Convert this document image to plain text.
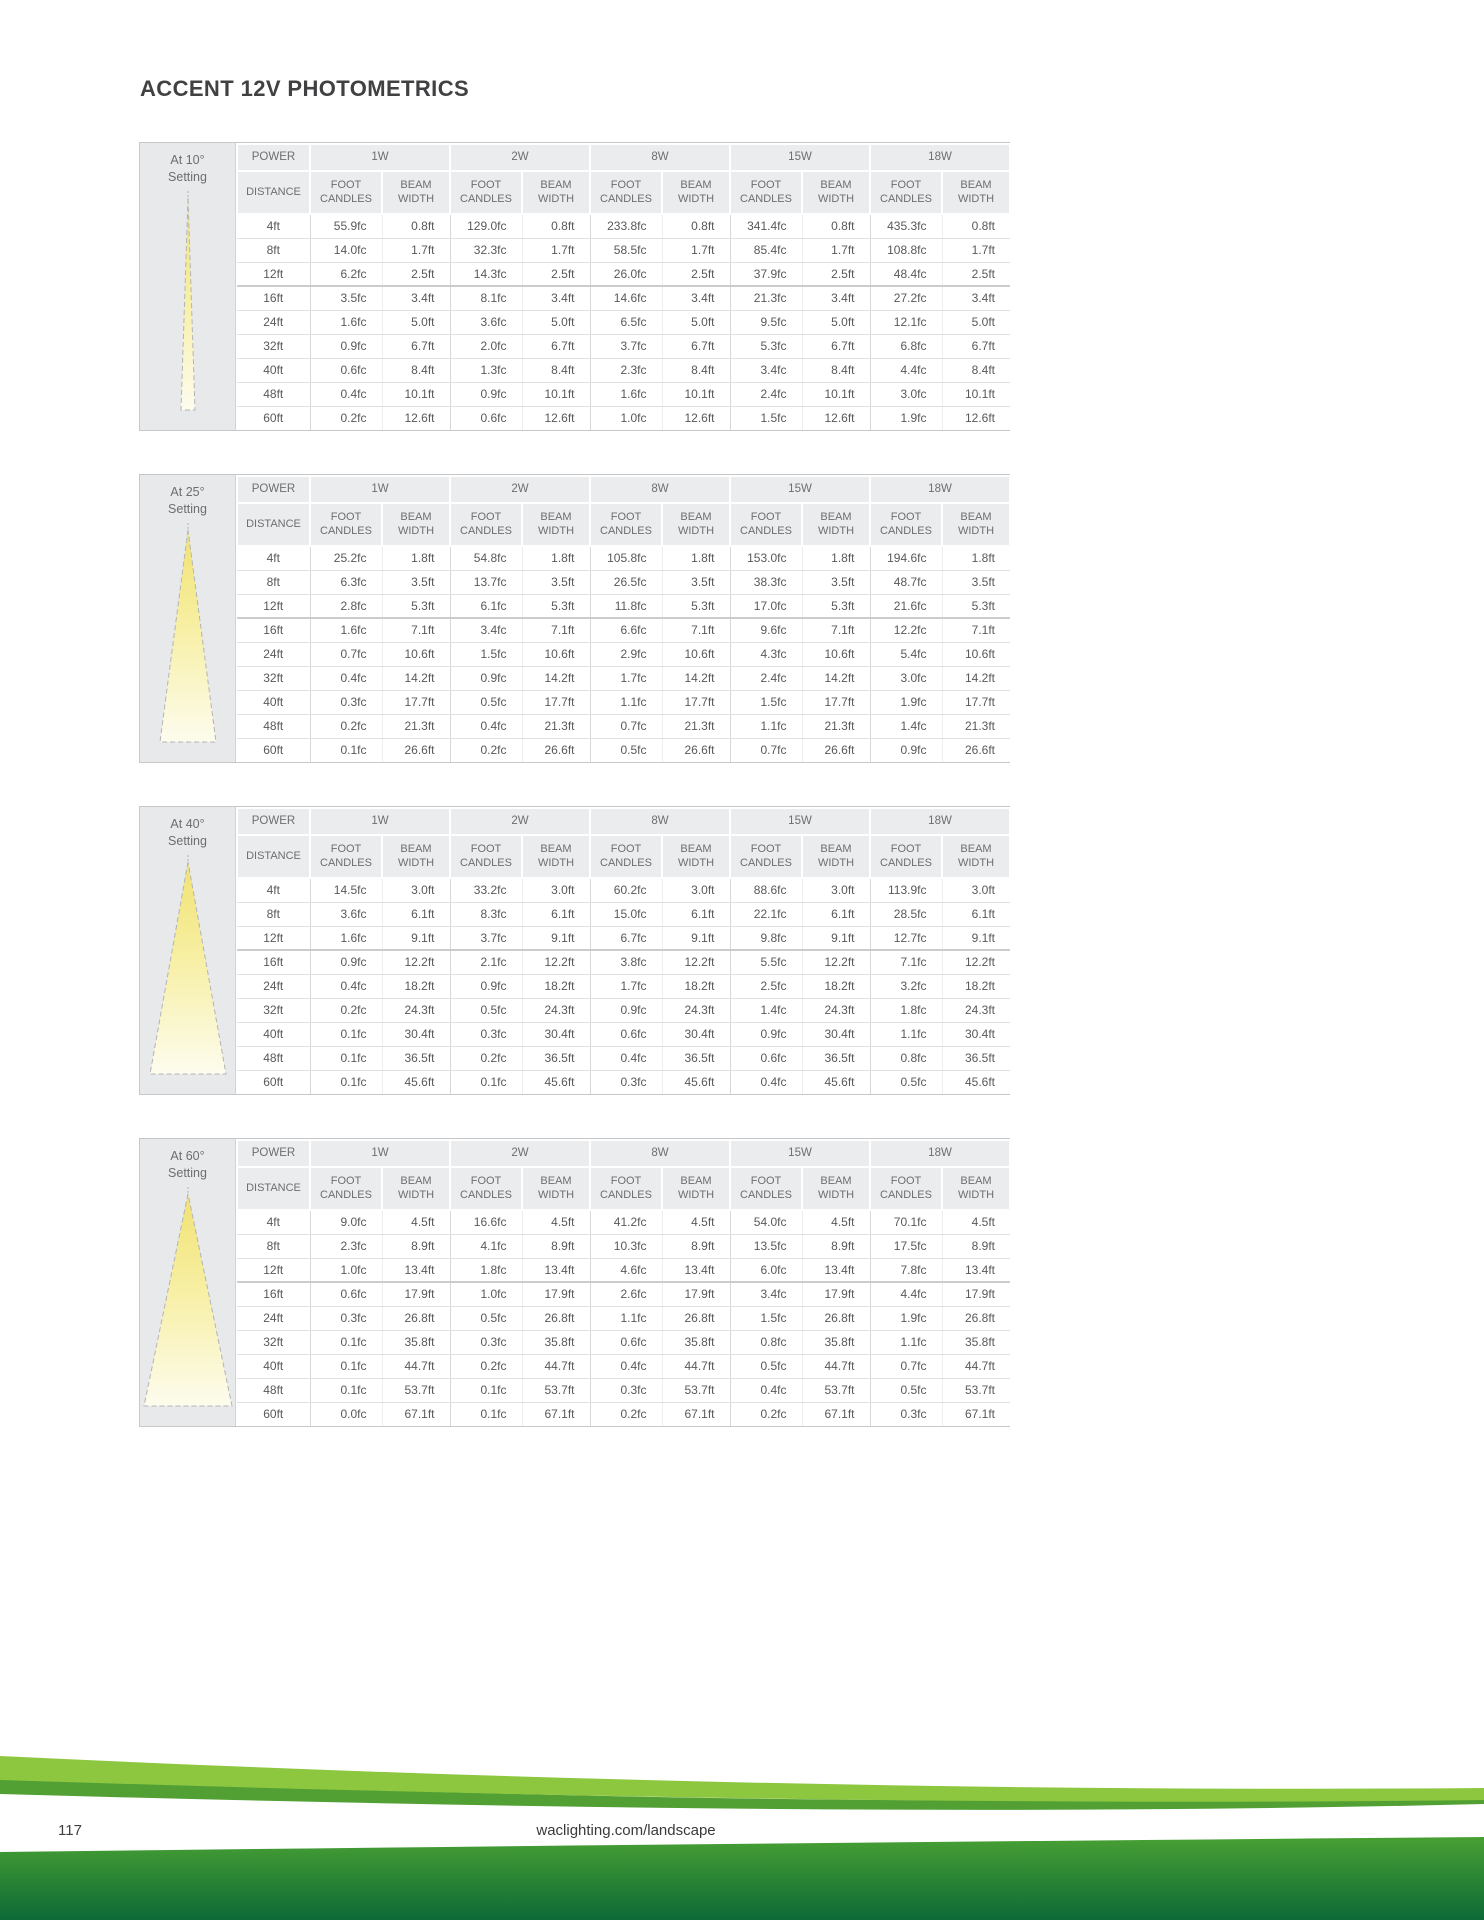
ACCENT 12V PHOTOMETRICS
At 10°
Setting
POWER	1W		2W		8W		15W		18W	
DISTANCE	FOOT CANDLES	BEAM WIDTH	FOOT CANDLES	BEAM WIDTH	FOOT CANDLES	BEAM WIDTH	FOOT CANDLES	BEAM WIDTH	FOOT CANDLES	BEAM WIDTH
4ft	55.9fc	0.8ft	129.0fc	0.8ft	233.8fc	0.8ft	341.4fc	0.8ft	435.3fc	0.8ft
8ft	14.0fc	1.7ft	32.3fc	1.7ft	58.5fc	1.7ft	85.4fc	1.7ft	108.8fc	1.7ft
12ft	6.2fc	2.5ft	14.3fc	2.5ft	26.0fc	2.5ft	37.9fc	2.5ft	48.4fc	2.5ft
16ft	3.5fc	3.4ft	8.1fc	3.4ft	14.6fc	3.4ft	21.3fc	3.4ft	27.2fc	3.4ft
24ft	1.6fc	5.0ft	3.6fc	5.0ft	6.5fc	5.0ft	9.5fc	5.0ft	12.1fc	5.0ft
32ft	0.9fc	6.7ft	2.0fc	6.7ft	3.7fc	6.7ft	5.3fc	6.7ft	6.8fc	6.7ft
40ft	0.6fc	8.4ft	1.3fc	8.4ft	2.3fc	8.4ft	3.4fc	8.4ft	4.4fc	8.4ft
48ft	0.4fc	10.1ft	0.9fc	10.1ft	1.6fc	10.1ft	2.4fc	10.1ft	3.0fc	10.1ft
60ft	0.2fc	12.6ft	0.6fc	12.6ft	1.0fc	12.6ft	1.5fc	12.6ft	1.9fc	12.6ft
At 25°
Setting
POWER	1W		2W		8W		15W		18W	
DISTANCE	FOOT CANDLES	BEAM WIDTH	FOOT CANDLES	BEAM WIDTH	FOOT CANDLES	BEAM WIDTH	FOOT CANDLES	BEAM WIDTH	FOOT CANDLES	BEAM WIDTH
4ft	25.2fc	1.8ft	54.8fc	1.8ft	105.8fc	1.8ft	153.0fc	1.8ft	194.6fc	1.8ft
8ft	6.3fc	3.5ft	13.7fc	3.5ft	26.5fc	3.5ft	38.3fc	3.5ft	48.7fc	3.5ft
12ft	2.8fc	5.3ft	6.1fc	5.3ft	11.8fc	5.3ft	17.0fc	5.3ft	21.6fc	5.3ft
16ft	1.6fc	7.1ft	3.4fc	7.1ft	6.6fc	7.1ft	9.6fc	7.1ft	12.2fc	7.1ft
24ft	0.7fc	10.6ft	1.5fc	10.6ft	2.9fc	10.6ft	4.3fc	10.6ft	5.4fc	10.6ft
32ft	0.4fc	14.2ft	0.9fc	14.2ft	1.7fc	14.2ft	2.4fc	14.2ft	3.0fc	14.2ft
40ft	0.3fc	17.7ft	0.5fc	17.7ft	1.1fc	17.7ft	1.5fc	17.7ft	1.9fc	17.7ft
48ft	0.2fc	21.3ft	0.4fc	21.3ft	0.7fc	21.3ft	1.1fc	21.3ft	1.4fc	21.3ft
60ft	0.1fc	26.6ft	0.2fc	26.6ft	0.5fc	26.6ft	0.7fc	26.6ft	0.9fc	26.6ft
At 40°
Setting
POWER	1W		2W		8W		15W		18W	
DISTANCE	FOOT CANDLES	BEAM WIDTH	FOOT CANDLES	BEAM WIDTH	FOOT CANDLES	BEAM WIDTH	FOOT CANDLES	BEAM WIDTH	FOOT CANDLES	BEAM WIDTH
4ft	14.5fc	3.0ft	33.2fc	3.0ft	60.2fc	3.0ft	88.6fc	3.0ft	113.9fc	3.0ft
8ft	3.6fc	6.1ft	8.3fc	6.1ft	15.0fc	6.1ft	22.1fc	6.1ft	28.5fc	6.1ft
12ft	1.6fc	9.1ft	3.7fc	9.1ft	6.7fc	9.1ft	9.8fc	9.1ft	12.7fc	9.1ft
16ft	0.9fc	12.2ft	2.1fc	12.2ft	3.8fc	12.2ft	5.5fc	12.2ft	7.1fc	12.2ft
24ft	0.4fc	18.2ft	0.9fc	18.2ft	1.7fc	18.2ft	2.5fc	18.2ft	3.2fc	18.2ft
32ft	0.2fc	24.3ft	0.5fc	24.3ft	0.9fc	24.3ft	1.4fc	24.3ft	1.8fc	24.3ft
40ft	0.1fc	30.4ft	0.3fc	30.4ft	0.6fc	30.4ft	0.9fc	30.4ft	1.1fc	30.4ft
48ft	0.1fc	36.5ft	0.2fc	36.5ft	0.4fc	36.5ft	0.6fc	36.5ft	0.8fc	36.5ft
60ft	0.1fc	45.6ft	0.1fc	45.6ft	0.3fc	45.6ft	0.4fc	45.6ft	0.5fc	45.6ft
At 60°
Setting
POWER	1W		2W		8W		15W		18W	
DISTANCE	FOOT CANDLES	BEAM WIDTH	FOOT CANDLES	BEAM WIDTH	FOOT CANDLES	BEAM WIDTH	FOOT CANDLES	BEAM WIDTH	FOOT CANDLES	BEAM WIDTH
4ft	9.0fc	4.5ft	16.6fc	4.5ft	41.2fc	4.5ft	54.0fc	4.5ft	70.1fc	4.5ft
8ft	2.3fc	8.9ft	4.1fc	8.9ft	10.3fc	8.9ft	13.5fc	8.9ft	17.5fc	8.9ft
12ft	1.0fc	13.4ft	1.8fc	13.4ft	4.6fc	13.4ft	6.0fc	13.4ft	7.8fc	13.4ft
16ft	0.6fc	17.9ft	1.0fc	17.9ft	2.6fc	17.9ft	3.4fc	17.9ft	4.4fc	17.9ft
24ft	0.3fc	26.8ft	0.5fc	26.8ft	1.1fc	26.8ft	1.5fc	26.8ft	1.9fc	26.8ft
32ft	0.1fc	35.8ft	0.3fc	35.8ft	0.6fc	35.8ft	0.8fc	35.8ft	1.1fc	35.8ft
40ft	0.1fc	44.7ft	0.2fc	44.7ft	0.4fc	44.7ft	0.5fc	44.7ft	0.7fc	44.7ft
48ft	0.1fc	53.7ft	0.1fc	53.7ft	0.3fc	53.7ft	0.4fc	53.7ft	0.5fc	53.7ft
60ft	0.0fc	67.1ft	0.1fc	67.1ft	0.2fc	67.1ft	0.2fc	67.1ft	0.3fc	67.1ft
117	waclighting.com/landscape
